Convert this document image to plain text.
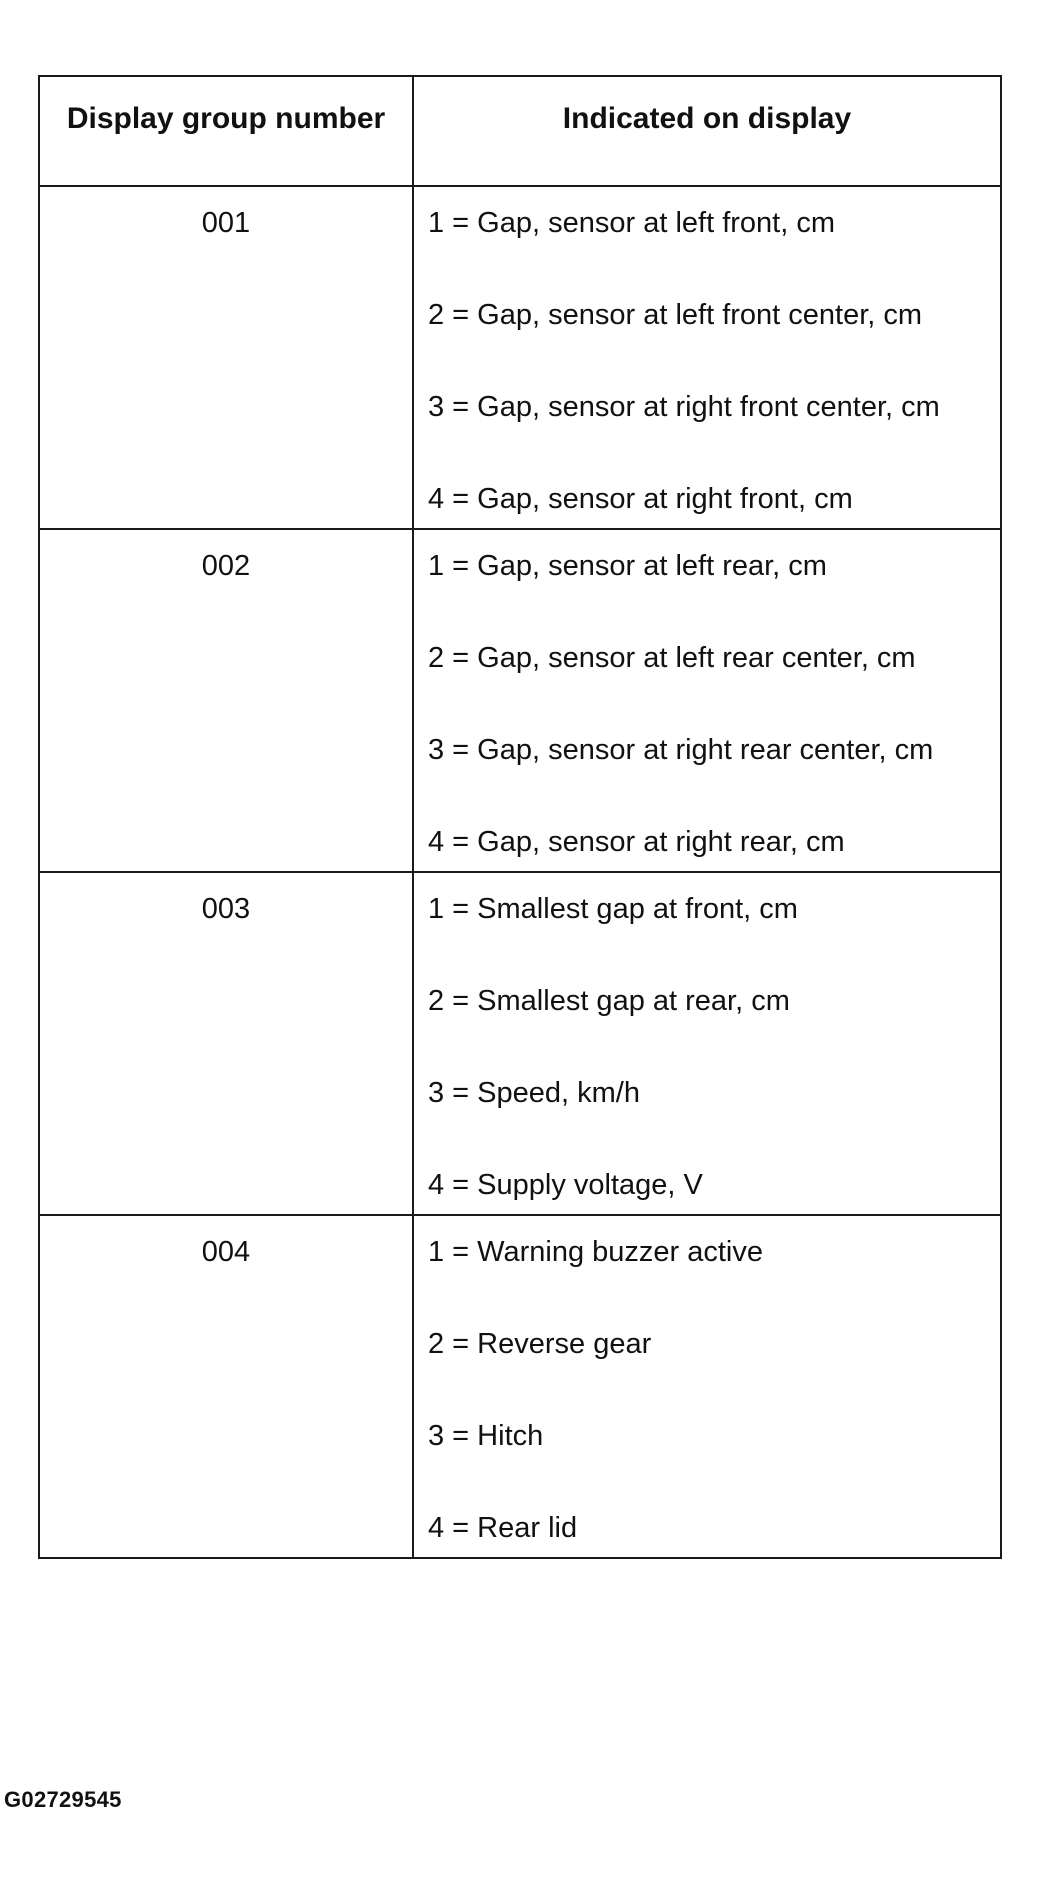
Display group number	Indicated on display
001	1 = Gap, sensor at left front, cm
2 = Gap, sensor at left front center, cm
3 = Gap, sensor at right front center, cm
4 = Gap, sensor at right front, cm

002	1 = Gap, sensor at left rear, cm
2 = Gap, sensor at left rear center, cm
3 = Gap, sensor at right rear center, cm
4 = Gap, sensor at right rear, cm

003	1 = Smallest gap at front, cm
2 = Smallest gap at rear, cm
3 = Speed, km/h
4 = Supply voltage, V

004	1 = Warning buzzer active
2 = Reverse gear
3 = Hitch
4 = Rear lid
G02729545
